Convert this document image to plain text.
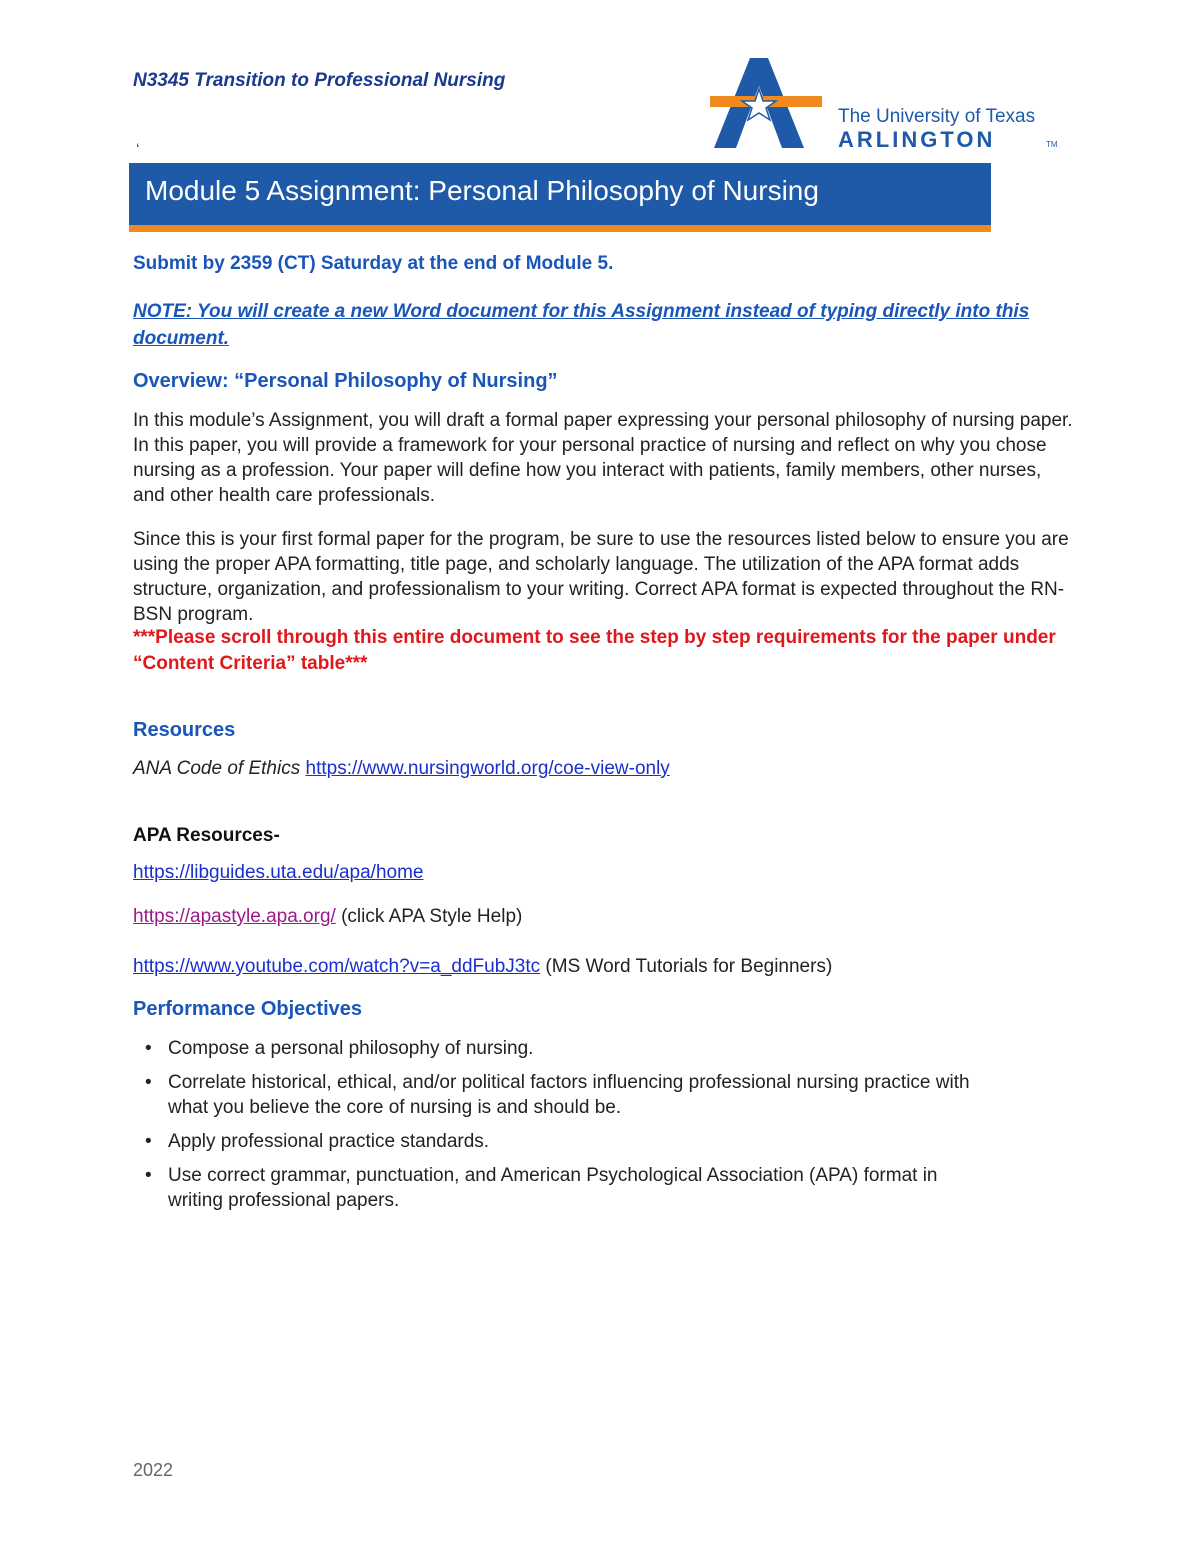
N3345 Transition to Professional Nursing

The University of Texas
ARLINGTON	TM

ʻ

Module 5 Assignment: Personal Philosophy of Nursing

Submit by 2359 (CT) Saturday at the end of Module 5.

NOTE: You will create a new Word document for this Assignment instead of typing directly into this document.

Overview: “Personal Philosophy of Nursing”

In this module’s Assignment, you will draft a formal paper expressing your personal philosophy of nursing paper. In this paper, you will provide a framework for your personal practice of nursing and reflect on why you chose nursing as a profession. Your paper will define how you interact with patients, family members, other nurses, and other health care professionals.

Since this is your first formal paper for the program, be sure to use the resources listed below to ensure you are using the proper APA formatting, title page, and scholarly language. The utilization of the APA format adds structure, organization, and professionalism to your writing. Correct APA format is expected throughout the RN-BSN program.

***Please scroll through this entire document to see the step by step requirements for the paper under “Content Criteria” table***

Resources

ANA Code of Ethics https://www.nursingworld.org/coe-view-only

APA Resources-

https://libguides.uta.edu/apa/home

https://apastyle.apa.org/ (click APA Style Help)

https://www.youtube.com/watch?v=a_ddFubJ3tc (MS Word Tutorials for Beginners)

Performance Objectives

• Compose a personal philosophy of nursing.
• Correlate historical, ethical, and/or political factors influencing professional nursing practice with what you believe the core of nursing is and should be.
• Apply professional practice standards.
• Use correct grammar, punctuation, and American Psychological Association (APA) format in writing professional papers.

2022
